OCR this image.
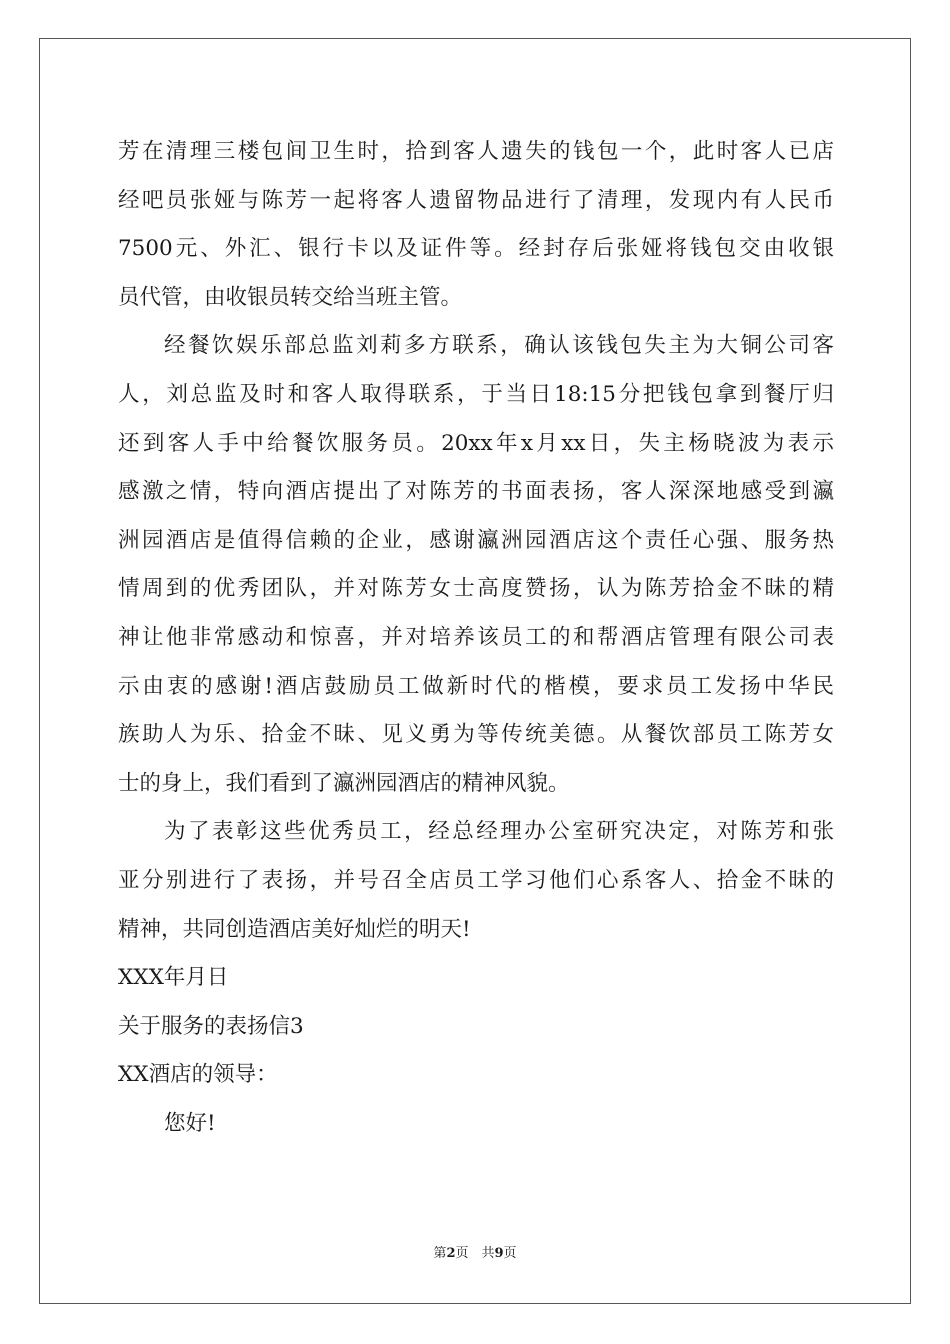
芳在清理三楼包间卫生时，拾到客人遗失的钱包一个，此时客人已店
经吧员张娅与陈芳一起将客人遗留物品进行了清理，发现内有人民币
7500元、外汇、银行卡以及证件等。经封存后张娅将钱包交由收银
员代管，由收银员转交给当班主管。
经餐饮娱乐部总监刘莉多方联系，确认该钱包失主为大铜公司客
人，刘总监及时和客人取得联系，于当日18:15分把钱包拿到餐厅归
还到客人手中给餐饮服务员。20xx年x月xx日，失主杨晓波为表示
感激之情，特向酒店提出了对陈芳的书面表扬，客人深深地感受到瀛
洲园酒店是值得信赖的企业，感谢瀛洲园酒店这个责任心强、服务热
情周到的优秀团队，并对陈芳女士高度赞扬，认为陈芳拾金不昧的精
神让他非常感动和惊喜，并对培养该员工的和帮酒店管理有限公司表
示由衷的感谢!酒店鼓励员工做新时代的楷模，要求员工发扬中华民
族助人为乐、拾金不昧、见义勇为等传统美德。从餐饮部员工陈芳女
士的身上，我们看到了瀛洲园酒店的精神风貌。
为了表彰这些优秀员工，经总经理办公室研究决定，对陈芳和张
亚分别进行了表扬，并号召全店员工学习他们心系客人、拾金不昧的
精神，共同创造酒店美好灿烂的明天!
XXX年月日
关于服务的表扬信3
XX酒店的领导：
您好!
第2页　共9页
